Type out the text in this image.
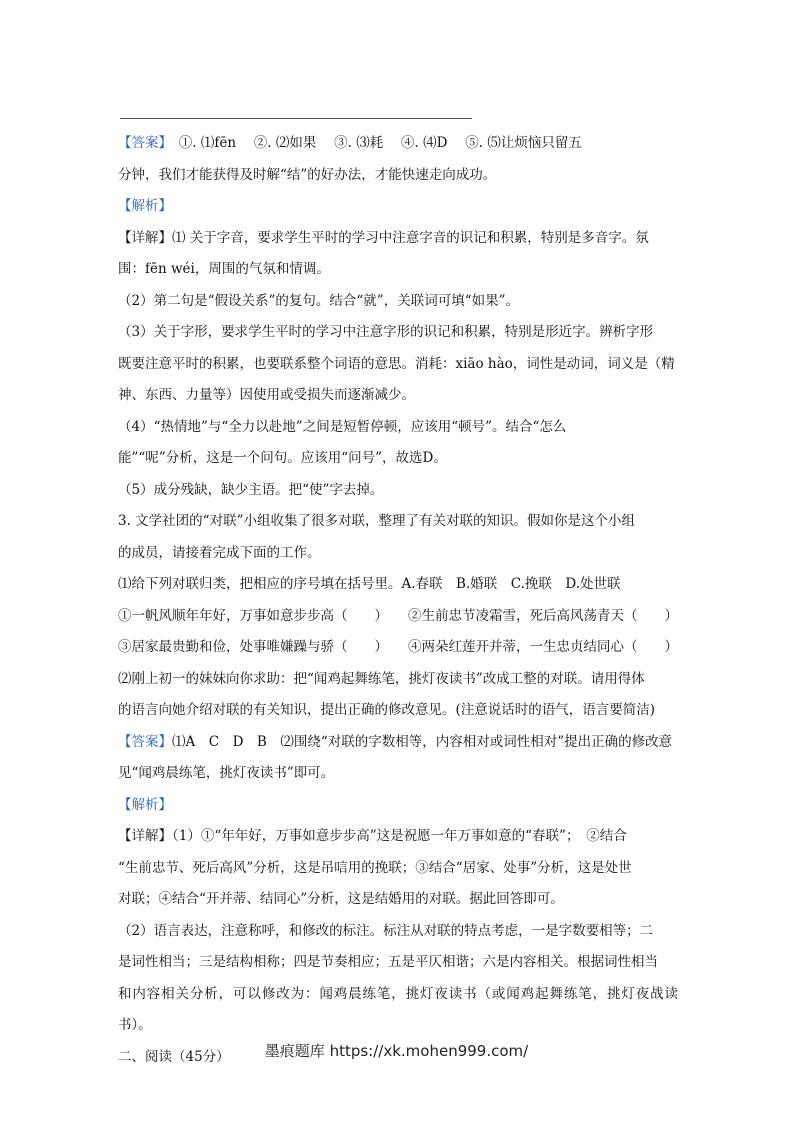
【答案】　①. ⑴fēn　 ②. ⑵如果　 ③. ⑶耗　 ④. ⑷D　 ⑤. ⑸让烦恼只留五

分钟，我们才能获得及时解“结”的好办法，才能快速走向成功。

【解析】

【详解】⑴ 关于字音，要求学生平时的学习中注意字音的识记和积累，特别是多音字。氛

围：fēn wéi，周围的气氛和情调。

（2）第二句是“假设关系”的复句。结合“就”，关联词可填“如果”。

（3）关于字形，要求学生平时的学习中注意字形的识记和积累，特别是形近字。辨析字形

既要注意平时的积累，也要联系整个词语的意思。消耗：xiāo hào，词性是动词，词义是（精

神、东西、力量等）因使用或受损失而逐渐减少。

（4）“热情地”与“全力以赴地”之间是短暂停顿，应该用“顿号”。结合“怎么

能”“呢”分析，这是一个问句。应该用“问号”，故选D。

（5）成分残缺，缺少主语。把“使”字去掉。

3. 文学社团的“对联”小组收集了很多对联，整理了有关对联的知识。假如你是这个小组

的成员，请接着完成下面的工作。

⑴给下列对联归类，把相应的序号填在括号里。A.春联　B.婚联　C.挽联　D.处世联

①一帆风顺年年好，万事如意步步高（　　） ②生前忠节凌霜雪，死后高风荡青天（　　）
③居家最贵勤和俭，处事唯嫌躁与骄（　　） ④两朵红莲开并蒂，一生忠贞结同心（　　）

⑵刚上初一的妹妹向你求助：把“闻鸡起舞练笔，挑灯夜读书”改成工整的对联。请用得体

的语言向她介绍对联的有关知识，提出正确的修改意见。(注意说话时的语气，语言要简洁)

【答案】⑴A　C　D　B　⑵围绕“对联的字数相等，内容相对或词性相对”提出正确的修改意

见“闻鸡晨练笔，挑灯夜读书”即可。

【解析】

【详解】（1）①“年年好，万事如意步步高”这是祝愿一年万事如意的“春联”；　②结合

“生前忠节、死后高风”分析，这是吊唁用的挽联；③结合“居家、处事”分析，这是处世

对联；④结合“开并蒂、结同心”分析，这是结婚用的对联。据此回答即可。

（2）语言表达，注意称呼，和修改的标注。标注从对联的特点考虑，一是字数要相等；二

是词性相当；三是结构相称；四是节奏相应；五是平仄相谐；六是内容相关。根据词性相当

和内容相关分析，可以修改为：闻鸡晨练笔，挑灯夜读书（或闻鸡起舞练笔，挑灯夜战读书）。

二、阅读（45分）	墨痕题库 https://xk.mohen999.com/
